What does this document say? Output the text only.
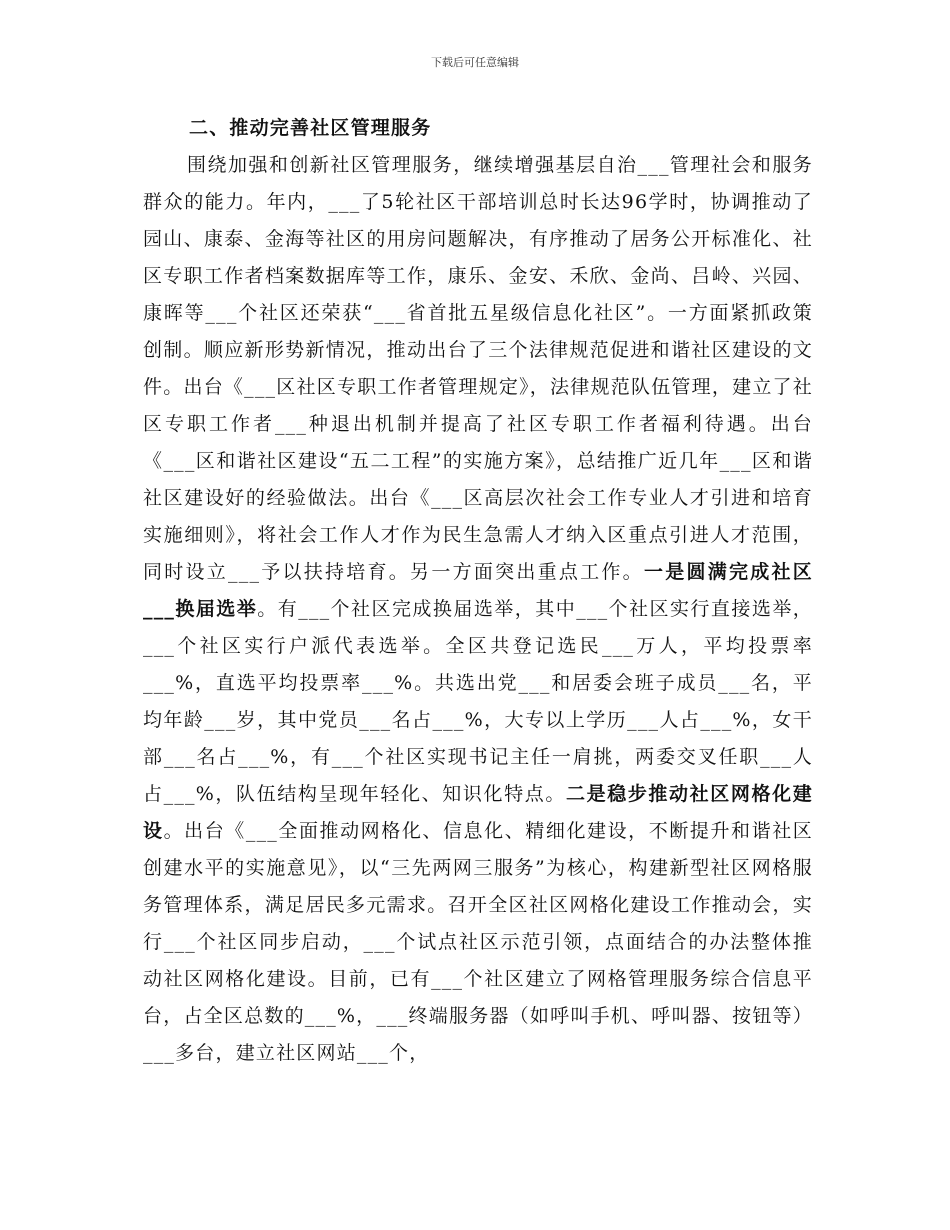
下载后可任意编辑

二、推动完善社区管理服务

围绕加强和创新社区管理服务，继续增强基层自治___管理社会和服务群众的能力。年内，___了5轮社区干部培训总时长达96学时，协调推动了园山、康泰、金海等社区的用房问题解决，有序推动了居务公开标准化、社区专职工作者档案数据库等工作，康乐、金安、禾欣、金尚、吕岭、兴园、康晖等___个社区还荣获“___省首批五星级信息化社区”。一方面紧抓政策创制。顺应新形势新情况，推动出台了三个法律规范促进和谐社区建设的文件。出台《___区社区专职工作者管理规定》，法律规范队伍管理，建立了社区专职工作者___种退出机制并提高了社区专职工作者福利待遇。出台《___区和谐社区建设“五二工程”的实施方案》，总结推广近几年___区和谐社区建设好的经验做法。出台《___区高层次社会工作专业人才引进和培育实施细则》，将社会工作人才作为民生急需人才纳入区重点引进人才范围，同时设立___予以扶持培育。另一方面突出重点工作。一是圆满完成社区___换届选举。有___个社区完成换届选举，其中___个社区实行直接选举，___个社区实行户派代表选举。全区共登记选民___万人，平均投票率___%，直选平均投票率___%。共选出党___和居委会班子成员___名，平均年龄___岁，其中党员___名占___%，大专以上学历___人占___%，女干部___名占___%，有___个社区实现书记主任一肩挑，两委交叉任职___人占___%，队伍结构呈现年轻化、知识化特点。二是稳步推动社区网格化建设。出台《___全面推动网格化、信息化、精细化建设，不断提升和谐社区创建水平的实施意见》，以“三先两网三服务”为核心，构建新型社区网格服务管理体系，满足居民多元需求。召开全区社区网格化建设工作推动会，实行___个社区同步启动，___个试点社区示范引领，点面结合的办法整体推动社区网格化建设。目前，已有___个社区建立了网格管理服务综合信息平台，占全区总数的___%，___终端服务器（如呼叫手机、呼叫器、按钮等）___多台，建立社区网站___个，
